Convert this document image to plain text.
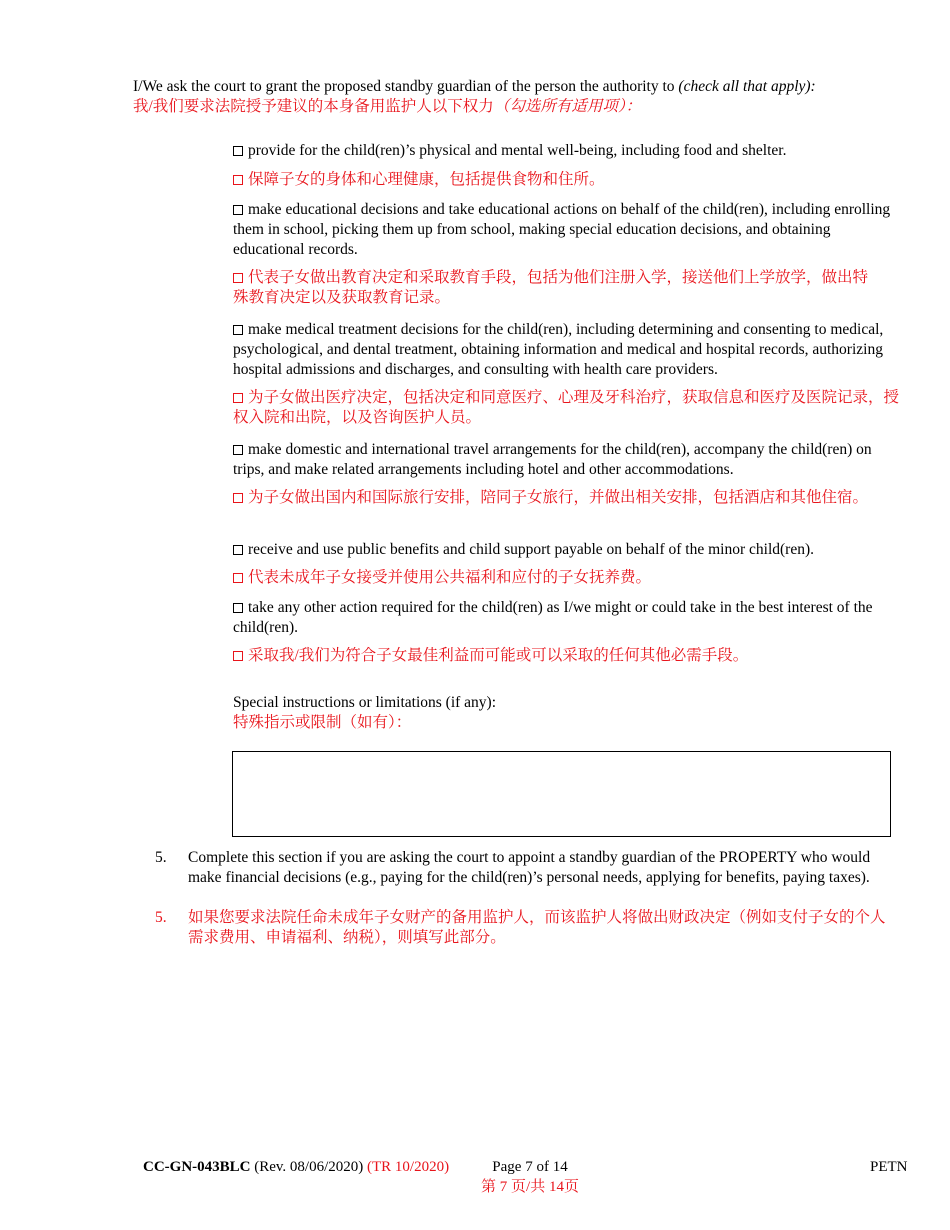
I/We ask the court to grant the proposed standby guardian of the person the authority to (check all that apply):
我/我们要求法院授予建议的本身备用监护人以下权力（勾选所有适用项）：
provide for the child(ren)’s physical and mental well-being, including food and shelter.
保障子女的身体和心理健康，包括提供食物和住所。
make educational decisions and take educational actions on behalf of the child(ren), including enrolling them in school, picking them up from school, making special education decisions, and obtaining educational records.
代表子女做出教育决定和采取教育手段，包括为他们注册入学，接送他们上学放学，做出特殊教育决定以及获取教育记录。
make medical treatment decisions for the child(ren), including determining and consenting to medical, psychological, and dental treatment, obtaining information and medical and hospital records, authorizing hospital admissions and discharges, and consulting with health care providers.
为子女做出医疗决定，包括决定和同意医疗、心理及牙科治疗，获取信息和医疗及医院记录，授权入院和出院，以及咨询医护人员。
make domestic and international travel arrangements for the child(ren), accompany the child(ren) on trips, and make related arrangements including hotel and other accommodations.
为子女做出国内和国际旅行安排，陪同子女旅行，并做出相关安排，包括酒店和其他住宿。
receive and use public benefits and child support payable on behalf of the minor child(ren).
代表未成年子女接受并使用公共福利和应付的子女抚养费。
take any other action required for the child(ren) as I/we might or could take in the best interest of the child(ren).
采取我/我们为符合子女最佳利益而可能或可以采取的任何其他必需手段。
Special instructions or limitations (if any):
特殊指示或限制（如有）：
5. Complete this section if you are asking the court to appoint a standby guardian of the PROPERTY who would make financial decisions (e.g., paying for the child(ren)’s personal needs, applying for benefits, paying taxes).
5. 如果您要求法院任命未成年子女财产的备用监护人，而该监护人将做出财政决定（例如支付子女的个人需求费用、申请福利、纳税），则填写此部分。
CC-GN-043BLC (Rev. 08/06/2020) (TR 10/2020)	Page 7 of 14
第 7 页/共 14页
PETN
